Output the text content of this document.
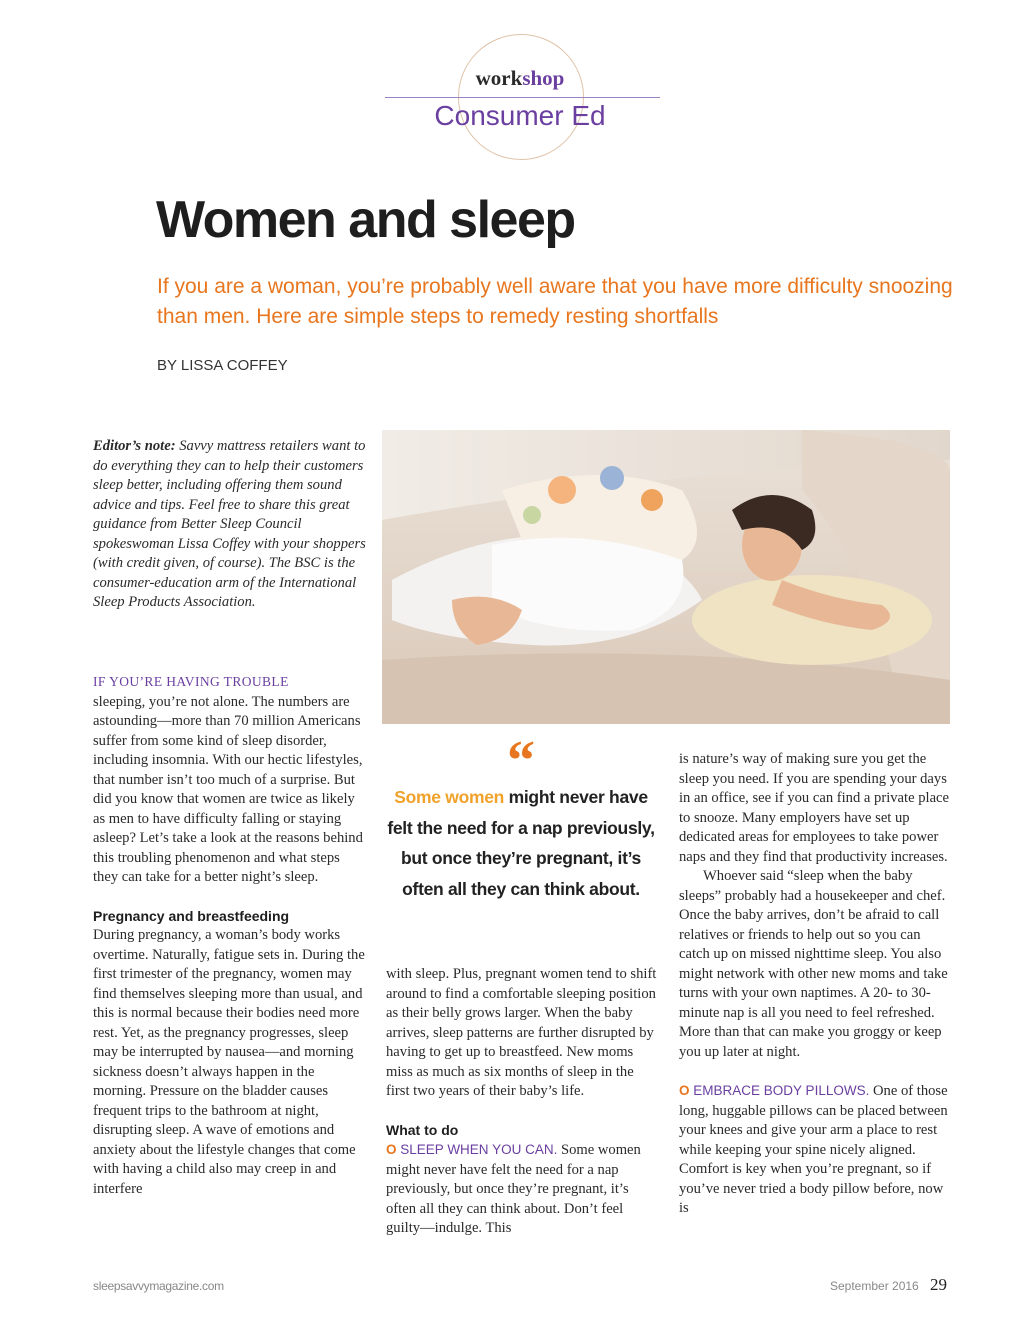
workshop
Consumer Ed
Women and sleep
If you are a woman, you’re probably well aware that you have more difficulty snoozing than men. Here are simple steps to remedy resting shortfalls
BY LISSA COFFEY

Editor’s note: Savvy mattress retailers want to do everything they can to help their customers sleep better, including offering them sound advice and tips. Feel free to share this great guidance from Better Sleep Council spokeswoman Lissa Coffey with your shoppers (with credit given, of course). The BSC is the consumer-education arm of the International Sleep Products Association.

IF YOU’RE HAVING TROUBLE
sleeping, you’re not alone. The numbers are astounding—more than 70 million Americans suffer from some kind of sleep disorder, including insomnia. With our hectic lifestyles, that number isn’t too much of a surprise. But did you know that women are twice as likely as men to have difficulty falling or staying asleep? Let’s take a look at the reasons behind this troubling phenomenon and what steps they can take for a better night’s sleep.

Pregnancy and breastfeeding

During pregnancy, a woman’s body works overtime. Naturally, fatigue sets in. During the first trimester of the pregnancy, women may find themselves sleeping more than usual, and this is normal because their bodies need more rest. Yet, as the pregnancy progresses, sleep may be interrupted by nausea—and morning sickness doesn’t always happen in the morning. Pressure on the bladder causes frequent trips to the bathroom at night, disrupting sleep. A wave of emotions and anxiety about the lifestyle changes that come with having a child also may creep in and interfere

“
Some women might never have felt the need for a nap previously, but once they’re pregnant, it’s often all they can think about.

with sleep. Plus, pregnant women tend to shift around to find a comfortable sleeping position as their belly grows larger. When the baby arrives, sleep patterns are further disrupted by having to get up to breastfeed. New moms miss as much as six months of sleep in the first two years of their baby’s life.

What to do

O SLEEP WHEN YOU CAN. Some women might never have felt the need for a nap previously, but once they’re pregnant, it’s often all they can think about. Don’t feel guilty—indulge. This

is nature’s way of making sure you get the sleep you need. If you are spending your days in an office, see if you can find a private place to snooze. Many employers have set up dedicated areas for employees to take power naps and they find that productivity increases.

Whoever said “sleep when the baby sleeps” probably had a housekeeper and chef. Once the baby arrives, don’t be afraid to call relatives or friends to help out so you can catch up on missed nighttime sleep. You also might network with other new moms and take turns with your own naptimes. A 20- to 30-minute nap is all you need to feel refreshed. More than that can make you groggy or keep you up later at night.

O EMBRACE BODY PILLOWS. One of those long, huggable pillows can be placed between your knees and give your arm a place to rest while keeping your spine nicely aligned. Comfort is key when you’re pregnant, so if you’ve never tried a body pillow before, now is

sleepsavvymagazine.com	September 2016 29
